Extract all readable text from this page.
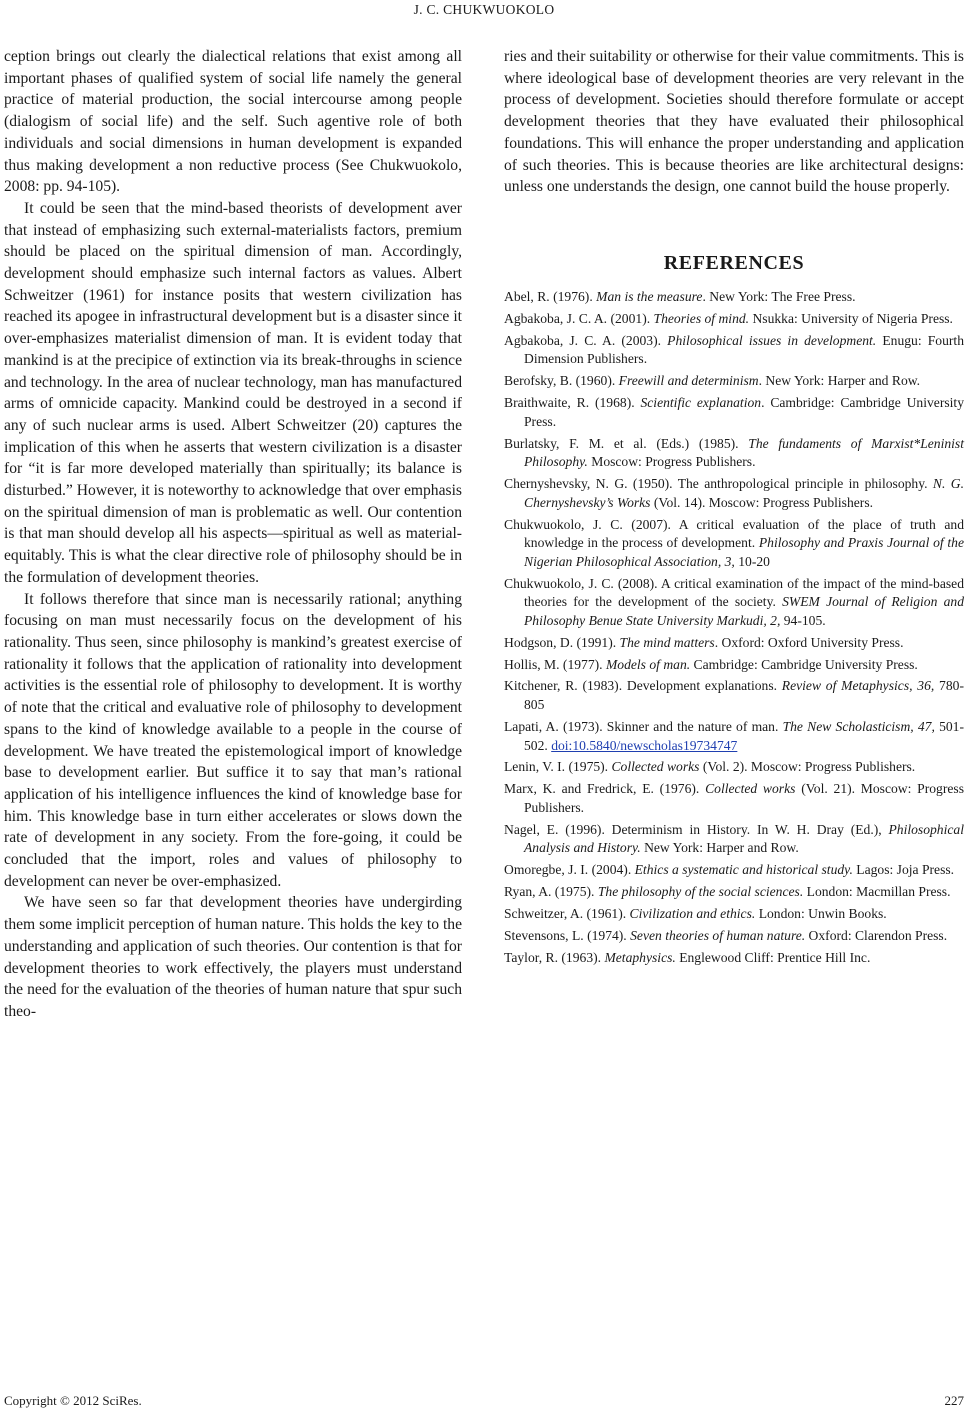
J. C. CHUKWUOKOLO

ception brings out clearly the dialectical relations that exist among all important phases of qualified system of social life namely the general practice of material production, the social intercourse among people (dialogism of social life) and the self. Such agentive role of both individuals and social dimensions in human development is expanded thus making development a non reductive process (See Chukwuokolo, 2008: pp. 94-105).

It could be seen that the mind-based theorists of development aver that instead of emphasizing such external-materialists factors, premium should be placed on the spiritual dimension of man. Accordingly, development should emphasize such internal factors as values. Albert Schweitzer (1961) for instance posits that western civilization has reached its apogee in infrastructural development but is a disaster since it over-emphasizes materialist dimension of man. It is evident today that mankind is at the precipice of extinction via its break-throughs in science and technology. In the area of nuclear technology, man has manufactured arms of omnicide capacity. Mankind could be destroyed in a second if any of such nuclear arms is used. Albert Schweitzer (20) captures the implication of this when he asserts that western civilization is a disaster for “it is far more developed materially than spiritually; its balance is disturbed.” However, it is noteworthy to acknowledge that over emphasis on the spiritual dimension of man is problematic as well. Our contention is that man should develop all his aspects—spiritual as well as material-equitably. This is what the clear directive role of philosophy should be in the formulation of development theories.

It follows therefore that since man is necessarily rational; anything focusing on man must necessarily focus on the development of his rationality. Thus seen, since philosophy is mankind’s greatest exercise of rationality it follows that the application of rationality into development activities is the essential role of philosophy to development. It is worthy of note that the critical and evaluative role of philosophy to development spans to the kind of knowledge available to a people in the course of development. We have treated the epistemological import of knowledge base to development earlier. But suffice it to say that man’s rational application of his intelligence influences the kind of knowledge base for him. This knowledge base in turn either accelerates or slows down the rate of development in any society. From the fore-going, it could be concluded that the import, roles and values of philosophy to development can never be over-emphasized.

We have seen so far that development theories have undergirding them some implicit perception of human nature. This holds the key to the understanding and application of such theories. Our contention is that for development theories to work effectively, the players must understand the need for the evaluation of the theories of human nature that spur such theo-

ries and their suitability or otherwise for their value commitments. This is where ideological base of development theories are very relevant in the process of development. Societies should therefore formulate or accept development theories that they have evaluated their philosophical foundations. This will enhance the proper understanding and application of such theories. This is because theories are like architectural designs: unless one understands the design, one cannot build the house properly.

REFERENCES

Abel, R. (1976). Man is the measure. New York: The Free Press.

Agbakoba, J. C. A. (2001). Theories of mind. Nsukka: University of Nigeria Press.

Agbakoba, J. C. A. (2003). Philosophical issues in development. Enugu: Fourth Dimension Publishers.

Berofsky, B. (1960). Freewill and determinism. New York: Harper and Row.

Braithwaite, R. (1968). Scientific explanation. Cambridge: Cambridge University Press.

Burlatsky, F. M. et al. (Eds.) (1985). The fundaments of Marxist*Leninist Philosophy. Moscow: Progress Publishers.

Chernyshevsky, N. G. (1950). The anthropological principle in philosophy. N. G. Chernyshevsky’s Works (Vol. 14). Moscow: Progress Publishers.

Chukwuokolo, J. C. (2007). A critical evaluation of the place of truth and knowledge in the process of development. Philosophy and Praxis Journal of the Nigerian Philosophical Association, 3, 10-20

Chukwuokolo, J. C. (2008). A critical examination of the impact of the mind-based theories for the development of the society. SWEM Journal of Religion and Philosophy Benue State University Markudi, 2, 94-105.

Hodgson, D. (1991). The mind matters. Oxford: Oxford University Press.

Hollis, M. (1977). Models of man. Cambridge: Cambridge University Press.

Kitchener, R. (1983). Development explanations. Review of Metaphysics, 36, 780-805

Lapati, A. (1973). Skinner and the nature of man. The New Scholasticism, 47, 501-502. doi:10.5840/newscholas19734747

Lenin, V. I. (1975). Collected works (Vol. 2). Moscow: Progress Publishers.

Marx, K. and Fredrick, E. (1976). Collected works (Vol. 21). Moscow: Progress Publishers.

Nagel, E. (1996). Determinism in History. In W. H. Dray (Ed.), Philosophical Analysis and History. New York: Harper and Row.

Omoregbe, J. I. (2004). Ethics a systematic and historical study. Lagos: Joja Press.

Ryan, A. (1975). The philosophy of the social sciences. London: Macmillan Press.

Schweitzer, A. (1961). Civilization and ethics. London: Unwin Books.

Stevensons, L. (1974). Seven theories of human nature. Oxford: Clarendon Press.

Taylor, R. (1963). Metaphysics. Englewood Cliff: Prentice Hill Inc.

Copyright © 2012 SciRes.	227
